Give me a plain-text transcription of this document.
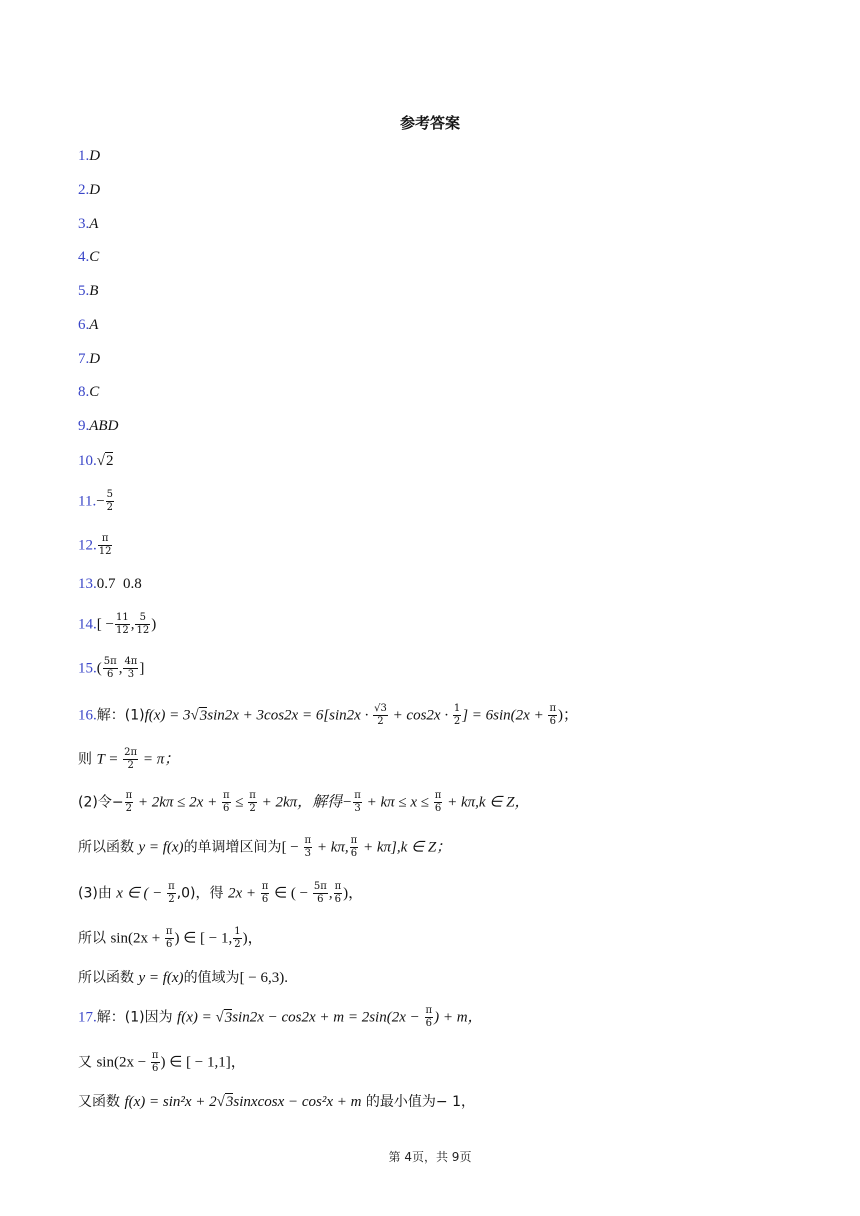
参考答案
1.D
2.D
3.A
4.C
5.B
6.A
7.D
8.C
9.ABD
10.√2
$11.- \frac{5}{2}$
12. $\frac{\pi}{12}$
13.0.7  0.8
$14.[ - \frac{11}{12}$ , $\frac{5}{12}$ )
$15.( \frac{5\pi}{6}$ , $\frac{4\pi}{3}$ ]
16.解：$(1)f(x) = 3√3\sin 2x + 3\cos 2x = 6[\sin 2x \cdot \frac{√3}{2} + \cos 2x \cdot \frac{1}{2}$ ] = $6\sin(2x + \frac{\pi}{6}$ )；
则 $T = \frac{2\pi}{2} = \pi$；
(2)令− $\frac{\pi}{2} + 2k\pi \le 2x + \frac{\pi}{6} \le \frac{\pi}{2} + 2k\pi$，解得− $\frac{\pi}{3} + k\pi \le x \le \frac{\pi}{6} + k\pi,k$ ∈ Z，
所以函数 y = f(x)的单调增区间为[ − $\frac{\pi}{3} + k\pi$, $\frac{\pi}{6} + k\pi],k$ ∈ Z；
(3)由 x ∈ ( − $\frac{\pi}{2} ,0$)，得 $2x + \frac{\pi}{6}$ ∈ ( − $\frac{5\pi}{6}$ , $\frac{\pi}{6}$ )，
所以 $\sin(2x + \frac{\pi}{6}$ ) ∈ [ − 1, $\frac{1}{2}$ )，
所以函数 y = f(x)的值域为[ − 6,3).
17.解：(1)因为 $f(x) = √3\sin 2x - \cos 2x + m = 2\sin(2x - \frac{\pi}{6}$ ) + m，
又 $\sin(2x - \frac{\pi}{6}$ ) ∈ [ − 1,1]，
又函数 f(x) = sin²x + 2√3sinxcosx − cos²x + m 的最小值为− 1，
第 4页，共 9页
